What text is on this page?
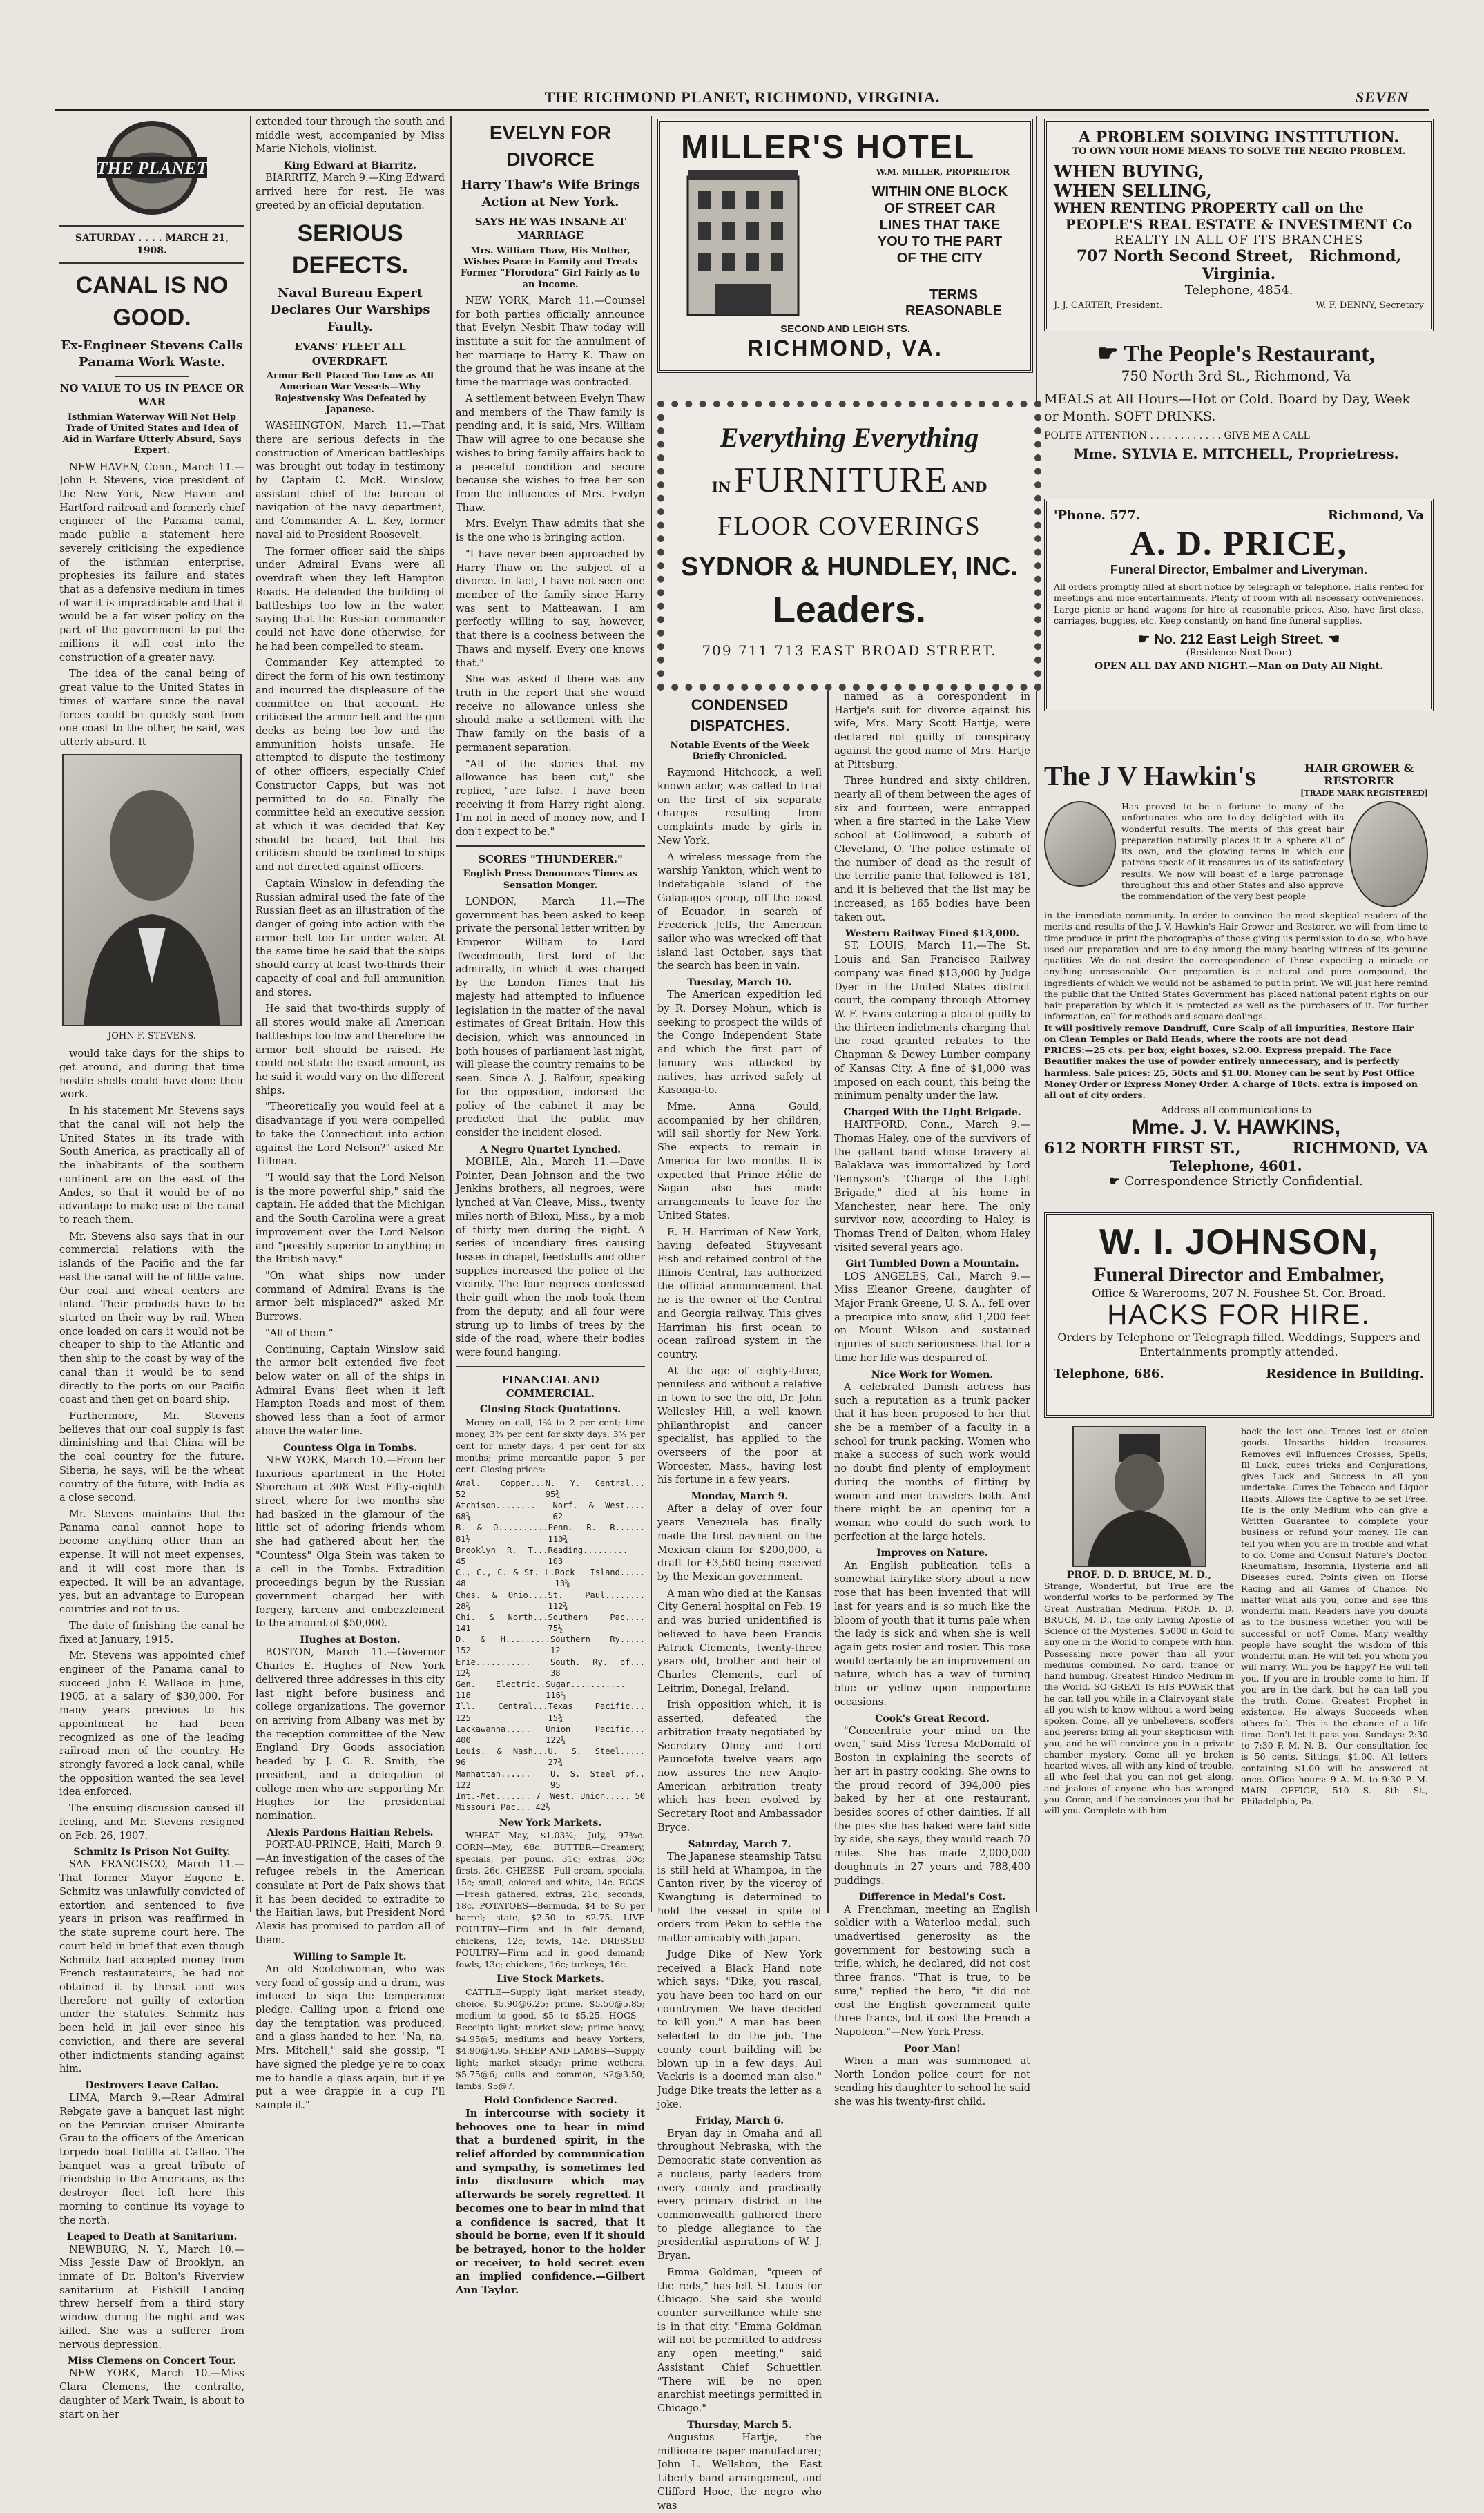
THE RICHMOND PLANET, RICHMOND, VIRGINIA.	SEVEN
THE PLANET
SATURDAY . . . . MARCH 21, 1908.
CANAL IS NO GOOD.
Ex-Engineer Stevens Calls Panama Work Waste.
NO VALUE TO US IN PEACE OR WAR
Isthmian Waterway Will Not Help Trade of United States and Idea of Aid in Warfare Utterly Absurd, Says Expert.

NEW HAVEN, Conn., March 11.—John F. Stevens, vice president of the New York, New Haven and Hartford railroad and formerly chief engineer of the Panama canal, made public a statement here severely criticising the expedience of the isthmian enterprise, prophesies its failure and states that as a defensive medium in times of war it is impracticable and that it would be a far wiser policy on the part of the government to put the millions it will cost into the construction of a greater navy.

The idea of the canal being of great value to the United States in times of warfare since the naval forces could be quickly sent from one coast to the other, he said, was utterly absurd. It

JOHN F. STEVENS.

would take days for the ships to get around, and during that time hostile shells could have done their work.

In his statement Mr. Stevens says that the canal will not help the United States in its trade with South America, as practically all of the inhabitants of the southern continent are on the east of the Andes, so that it would be of no advantage to make use of the canal to reach them.

Mr. Stevens also says that in our commercial relations with the islands of the Pacific and the far east the canal will be of little value. Our coal and wheat centers are inland. Their products have to be started on their way by rail. When once loaded on cars it would not be cheaper to ship to the Atlantic and then ship to the coast by way of the canal than it would be to send directly to the ports on our Pacific coast and then get on board ship.

Furthermore, Mr. Stevens believes that our coal supply is fast diminishing and that China will be the coal country for the future. Siberia, he says, will be the wheat country of the future, with India as a close second.

Mr. Stevens maintains that the Panama canal cannot hope to become anything other than an expense. It will not meet expenses, and it will cost more than is expected. It will be an advantage, yes, but an advantage to European countries and not to us.

The date of finishing the canal he fixed at January, 1915.

Mr. Stevens was appointed chief engineer of the Panama canal to succeed John F. Wallace in June, 1905, at a salary of $30,000. For many years previous to his appointment he had been recognized as one of the leading railroad men of the country. He strongly favored a lock canal, while the opposition wanted the sea level idea enforced.

The ensuing discussion caused ill feeling, and Mr. Stevens resigned on Feb. 26, 1907.

Schmitz Is Prison Not Guilty.

SAN FRANCISCO, March 11.—That former Mayor Eugene E. Schmitz was unlawfully convicted of extortion and sentenced to five years in prison was reaffirmed in the state supreme court here. The court held in brief that even though Schmitz had accepted money from French restaurateurs, he had not obtained it by threat and was therefore not guilty of extortion under the statutes. Schmitz has been held in jail ever since his conviction, and there are several other indictments standing against him.

Destroyers Leave Callao.

LIMA, March 9.—Rear Admiral Rebgate gave a banquet last night on the Peruvian cruiser Almirante Grau to the officers of the American torpedo boat flotilla at Callao. The banquet was a great tribute of friendship to the Americans, as the destroyer fleet left here this morning to continue its voyage to the north.

Leaped to Death at Sanitarium.

NEWBURG, N. Y., March 10.—Miss Jessie Daw of Brooklyn, an inmate of Dr. Bolton's Riverview sanitarium at Fishkill Landing threw herself from a third story window during the night and was killed. She was a sufferer from nervous depression.

Miss Clemens on Concert Tour.

NEW YORK, March 10.—Miss Clara Clemens, the contralto, daughter of Mark Twain, is about to start on her

extended tour through the south and middle west, accompanied by Miss Marie Nichols, violinist.

King Edward at Biarritz.

BIARRITZ, March 9.—King Edward arrived here for rest. He was greeted by an official deputation.

SERIOUS DEFECTS.
Naval Bureau Expert Declares Our Warships Faulty.
EVANS' FLEET ALL OVERDRAFT.
Armor Belt Placed Too Low as All American War Vessels—Why Rojestvensky Was Defeated by Japanese.

WASHINGTON, March 11.—That there are serious defects in the construction of American battleships was brought out today in testimony by Captain C. McR. Winslow, assistant chief of the bureau of navigation of the navy department, and Commander A. L. Key, former naval aid to President Roosevelt.

The former officer said the ships under Admiral Evans were all overdraft when they left Hampton Roads. He defended the building of battleships too low in the water, saying that the Russian commander could not have done otherwise, for he had been compelled to steam.

Commander Key attempted to direct the form of his own testimony and incurred the displeasure of the committee on that account. He criticised the armor belt and the gun decks as being too low and the ammunition hoists unsafe. He attempted to dispute the testimony of other officers, especially Chief Constructor Capps, but was not permitted to do so. Finally the committee held an executive session at which it was decided that Key should be heard, but that his criticism should be confined to ships and not directed against officers.

Captain Winslow in defending the Russian admiral used the fate of the Russian fleet as an illustration of the danger of going into action with the armor belt too far under water. At the same time he said that the ships should carry at least two-thirds their capacity of coal and full ammunition and stores.

He said that two-thirds supply of all stores would make all American battleships too low and therefore the armor belt should be raised. He could not state the exact amount, as he said it would vary on the different ships.

"Theoretically you would feel at a disadvantage if you were compelled to take the Connecticut into action against the Lord Nelson?" asked Mr. Tillman.

"I would say that the Lord Nelson is the more powerful ship," said the captain. He added that the Michigan and the South Carolina were a great improvement over the Lord Nelson and "possibly superior to anything in the British navy."

"On what ships now under command of Admiral Evans is the armor belt misplaced?" asked Mr. Burrows.

"All of them."

Continuing, Captain Winslow said the armor belt extended five feet below water on all of the ships in Admiral Evans' fleet when it left Hampton Roads and most of them showed less than a foot of armor above the water line.

Countess Olga in Tombs.

NEW YORK, March 10.—From her luxurious apartment in the Hotel Shoreham at 308 West Fifty-eighth street, where for two months she had basked in the glamour of the little set of adoring friends whom she had gathered about her, the "Countess" Olga Stein was taken to a cell in the Tombs. Extradition proceedings begun by the Russian government charged her with forgery, larceny and embezzlement to the amount of $50,000.

Hughes at Boston.

BOSTON, March 11.—Governor Charles E. Hughes of New York delivered three addresses in this city last night before business and college organizations. The governor on arriving from Albany was met by the reception committee of the New England Dry Goods association headed by J. C. R. Smith, the president, and a delegation of college men who are supporting Mr. Hughes for the presidential nomination.

Alexis Pardons Haitian Rebels.

PORT-AU-PRINCE, Haiti, March 9.—An investigation of the cases of the refugee rebels in the American consulate at Port de Paix shows that it has been decided to extradite to the Haitian laws, but President Nord Alexis has promised to pardon all of them.

Willing to Sample It.

An old Scotchwoman, who was very fond of gossip and a dram, was induced to sign the temperance pledge. Calling upon a friend one day the temptation was produced, and a glass handed to her. "Na, na, Mrs. Mitchell," said she gossip, "I have signed the pledge ye're to coax me to handle a glass again, but if ye put a wee drappie in a cup I'll sample it."

EVELYN FOR DIVORCE
Harry Thaw's Wife Brings Action at New York.
SAYS HE WAS INSANE AT MARRIAGE
Mrs. William Thaw, His Mother, Wishes Peace in Family and Treats Former "Florodora" Girl Fairly as to an Income.

NEW YORK, March 11.—Counsel for both parties officially announce that Evelyn Nesbit Thaw today will institute a suit for the annulment of her marriage to Harry K. Thaw on the ground that he was insane at the time the marriage was contracted.

A settlement between Evelyn Thaw and members of the Thaw family is pending and, it is said, Mrs. William Thaw will agree to one because she wishes to bring family affairs back to a peaceful condition and secure because she wishes to free her son from the influences of Mrs. Evelyn Thaw.

Mrs. Evelyn Thaw admits that she is the one who is bringing action.

"I have never been approached by Harry Thaw on the subject of a divorce. In fact, I have not seen one member of the family since Harry was sent to Matteawan. I am perfectly willing to say, however, that there is a coolness between the Thaws and myself. Every one knows that."

She was asked if there was any truth in the report that she would receive no allowance unless she should make a settlement with the Thaw family on the basis of a permanent separation.

"All of the stories that my allowance has been cut," she replied, "are false. I have been receiving it from Harry right along. I'm not in need of money now, and I don't expect to be."

SCORES "THUNDERER."
English Press Denounces Times as Sensation Monger.

LONDON, March 11.—The government has been asked to keep private the personal letter written by Emperor William to Lord Tweedmouth, first lord of the admiralty, in which it was charged by the London Times that his majesty had attempted to influence legislation in the matter of the naval estimates of Great Britain. How this decision, which was announced in both houses of parliament last night, will please the country remains to be seen. Since A. J. Balfour, speaking for the opposition, indorsed the policy of the cabinet it may be predicted that the public may consider the incident closed.

A Negro Quartet Lynched.

MOBILE, Ala., March 11.—Dave Pointer, Dean Johnson and the two Jenkins brothers, all negroes, were lynched at Van Cleave, Miss., twenty miles north of Biloxi, Miss., by a mob of thirty men during the night. A series of incendiary fires causing losses in chapel, feedstuffs and other supplies increased the police of the vicinity. The four negroes confessed their guilt when the mob took them from the deputy, and all four were strung up to limbs of trees by the side of the road, where their bodies were found hanging.

FINANCIAL AND COMMERCIAL.
Closing Stock Quotations.

Money on call, 1¾ to 2 per cent; time money, 3¾ per cent for sixty days, 3¾ per cent for ninety days, 4 per cent for six months; prime mercantile paper, 5 per cent. Closing prices:

Amal. Copper... 52
N. Y. Central... 95¾
Atchison........ 68¾
Norf. & West.... 62
B. & O.......... 81⅛
Penn. R. R...... 110¾
Brooklyn R. T... 45
Reading......... 103
C., C., C. & St. L. 48
Rock Island..... 13⅝
Ches. & Ohio.... 28¾
St. Paul........ 112¾
Chi. & North... 141
Southern Pac.... 75½
D. & H......... 152
Southern Ry..... 12
Erie........... 12½
South. Ry. pf... 38
Gen. Electric.. 118
Sugar........... 116⅝
Ill. Central... 125
Texas Pacific... 15¾
Lackawanna..... 400
Union Pacific... 122¼
Louis. & Nash... 96
U. S. Steel..... 27¾
Manhattan...... 122
U. S. Steel pf.. 95
Int.-Met....... 7 West. Union..... 50
Missouri Pac... 42½
New York Markets.

WHEAT—May, $1.03¾; July, 97¾c. CORN—May, 68c. BUTTER—Creamery, specials, per pound, 31c; extras, 30c; firsts, 26c. CHEESE—Full cream, specials, 15c; small, colored and white, 14c. EGGS—Fresh gathered, extras, 21c; seconds, 18c. POTATOES—Bermuda, $4 to $6 per barrel; state, $2.50 to $2.75. LIVE POULTRY—Firm and in fair demand; chickens, 12c; fowls, 14c. DRESSED POULTRY—Firm and in good demand; fowls, 13c; chickens, 16c; turkeys, 16c.

Live Stock Markets.

CATTLE—Supply light; market steady; choice, $5.90@6.25; prime, $5.50@5.85; medium to good, $5 to $5.25. HOGS—Receipts light; market slow; prime heavy, $4.95@5; mediums and heavy Yorkers, $4.90@4.95. SHEEP AND LAMBS—Supply light; market steady; prime wethers, $5.75@6; culls and common, $2@3.50; lambs, $5@7.

Hold Confidence Sacred.

In intercourse with society it behooves one to bear in mind that a burdened spirit, in the relief afforded by communication and sympathy, is sometimes led into disclosure which may afterwards be sorely regretted. It becomes one to bear in mind that a confidence is sacred, that it should be borne, even if it should be betrayed, honor to the holder or receiver, to hold secret even an implied confidence.—Gilbert Ann Taylor.

MILLER'S HOTEL
W.M. MILLER, PROPRIETOR
WITHIN ONE BLOCK OF STREET CAR LINES THAT TAKE YOU TO THE PART OF THE CITY
TERMS REASONABLE
SECOND AND LEIGH STS.
RICHMOND, VA.
Everything Everything
IN FURNITURE AND
FLOOR COVERINGS
SYDNOR & HUNDLEY, INC.
Leaders.
709 711 713 EAST BROAD STREET.
CONDENSED DISPATCHES.
Notable Events of the Week Briefly Chronicled.

Raymond Hitchcock, a well known actor, was called to trial on the first of six separate charges resulting from complaints made by girls in New York.

A wireless message from the warship Yankton, which went to Indefatigable island of the Galapagos group, off the coast of Ecuador, in search of Frederick Jeffs, the American sailor who was wrecked off that island last October, says that the search has been in vain.

Tuesday, March 10.

The American expedition led by R. Dorsey Mohun, which is seeking to prospect the wilds of the Congo Independent State and which the first part of January was attacked by natives, has arrived safely at Kasonga-to.

Mme. Anna Gould, accompanied by her children, will sail shortly for New York. She expects to remain in America for two months. It is expected that Prince Hélie de Sagan also has made arrangements to leave for the United States.

E. H. Harriman of New York, having defeated Stuyvesant Fish and retained control of the Illinois Central, has authorized the official announcement that he is the owner of the Central and Georgia railway. This gives Harriman his first ocean to ocean railroad system in the country.

At the age of eighty-three, penniless and without a relative in town to see the old, Dr. John Wellesley Hill, a well known philanthropist and cancer specialist, has applied to the overseers of the poor at Worcester, Mass., having lost his fortune in a few years.

Monday, March 9.

After a delay of over four years Venezuela has finally made the first payment on the Mexican claim for $200,000, a draft for £3,560 being received by the Mexican government.

A man who died at the Kansas City General hospital on Feb. 19 and was buried unidentified is believed to have been Francis Patrick Clements, twenty-three years old, brother and heir of Charles Clements, earl of Leitrim, Donegal, Ireland.

Irish opposition which, it is asserted, defeated the arbitration treaty negotiated by Secretary Olney and Lord Pauncefote twelve years ago now assures the new Anglo-American arbitration treaty which has been evolved by Secretary Root and Ambassador Bryce.

Saturday, March 7.

The Japanese steamship Tatsu is still held at Whampoa, in the Canton river, by the viceroy of Kwangtung is determined to hold the vessel in spite of orders from Pekin to settle the matter amicably with Japan.

Judge Dike of New York received a Black Hand note which says: "Dike, you rascal, you have been too hard on our countrymen. We have decided to kill you." A man has been selected to do the job. The county court building will be blown up in a few days. Aul Vackris is a doomed man also." Judge Dike treats the letter as a joke.

Friday, March 6.

Bryan day in Omaha and all throughout Nebraska, with the Democratic state convention as a nucleus, party leaders from every county and practically every primary district in the commonwealth gathered there to pledge allegiance to the presidential aspirations of W. J. Bryan.

Emma Goldman, "queen of the reds," has left St. Louis for Chicago. She said she would counter surveillance while she is in that city. "Emma Goldman will not be permitted to address any open meeting," said Assistant Chief Schuettler. "There will be no open anarchist meetings permitted in Chicago."

Thursday, March 5.

Augustus Hartje, the millionaire paper manufacturer; John L. Wellshon, the East Liberty band arrangement, and Clifford Hooe, the negro who was

named as a corespondent in Hartje's suit for divorce against his wife, Mrs. Mary Scott Hartje, were declared not guilty of conspiracy against the good name of Mrs. Hartje at Pittsburg.

Three hundred and sixty children, nearly all of them between the ages of six and fourteen, were entrapped when a fire started in the Lake View school at Collinwood, a suburb of Cleveland, O. The police estimate of the number of dead as the result of the terrific panic that followed is 181, and it is believed that the list may be increased, as 165 bodies have been taken out.

Western Railway Fined $13,000.

ST. LOUIS, March 11.—The St. Louis and San Francisco Railway company was fined $13,000 by Judge Dyer in the United States district court, the company through Attorney W. F. Evans entering a plea of guilty to the thirteen indictments charging that the road granted rebates to the Chapman & Dewey Lumber company of Kansas City. A fine of $1,000 was imposed on each count, this being the minimum penalty under the law.

Charged With the Light Brigade.

HARTFORD, Conn., March 9.—Thomas Haley, one of the survivors of the gallant band whose bravery at Balaklava was immortalized by Lord Tennyson's "Charge of the Light Brigade," died at his home in Manchester, near here. The only survivor now, according to Haley, is Thomas Trend of Dalton, whom Haley visited several years ago.

Girl Tumbled Down a Mountain.

LOS ANGELES, Cal., March 9.—Miss Eleanor Greene, daughter of Major Frank Greene, U. S. A., fell over a precipice into snow, slid 1,200 feet on Mount Wilson and sustained injuries of such seriousness that for a time her life was despaired of.

Nice Work for Women.

A celebrated Danish actress has such a reputation as a trunk packer that it has been proposed to her that she be a member of a faculty in a school for trunk packing. Women who make a success of such work would no doubt find plenty of employment during the months of flitting by women and men travelers both. And there might be an opening for a woman who could do such work to perfection at the large hotels.

Improves on Nature.

An English publication tells a somewhat fairylike story about a new rose that has been invented that will last for years and is so much like the bloom of youth that it turns pale when the lady is sick and when she is well again gets rosier and rosier. This rose would certainly be an improvement on nature, which has a way of turning blue or yellow upon inopportune occasions.

Cook's Great Record.

"Concentrate your mind on the oven," said Miss Teresa McDonald of Boston in explaining the secrets of her art in pastry cooking. She owns to the proud record of 394,000 pies baked by her at one restaurant, besides scores of other dainties. If all the pies she has baked were laid side by side, she says, they would reach 70 miles. She has made 2,000,000 doughnuts in 27 years and 788,400 puddings.

Difference in Medal's Cost.

A Frenchman, meeting an English soldier with a Waterloo medal, such unadvertised generosity as the government for bestowing such a trifle, which, he declared, did not cost three francs. "That is true, to be sure," replied the hero, "it did not cost the English government quite three francs, but it cost the French a Napoleon."—New York Press.

Poor Man!

When a man was summoned at North London police court for not sending his daughter to school he said she was his twenty-first child.

A PROBLEM SOLVING INSTITUTION.
TO OWN YOUR HOME MEANS TO SOLVE THE NEGRO PROBLEM.
WHEN BUYING,
WHEN SELLING,
WHEN RENTING PROPERTY call on the
PEOPLE'S REAL ESTATE & INVESTMENT Co
REALTY IN ALL OF ITS BRANCHES
707 North Second Street, Richmond, Virginia.
Telephone, 4854.
J. J. CARTER, President.	W. F. DENNY, Secretary
☛ The People's Restaurant,
750 North 3rd St., Richmond, Va
MEALS at All Hours—Hot or Cold. Board by Day, Week or Month. SOFT DRINKS.
POLITE ATTENTION . . . . . . . . . . . . GIVE ME A CALL
Mme. SYLVIA E. MITCHELL, Proprietress.
'Phone. 577.	Richmond, Va
A. D. PRICE,
Funeral Director, Embalmer and Liveryman.
All orders promptly filled at short notice by telegraph or telephone. Halls rented for meetings and nice entertainments. Plenty of room with all necessary conveniences. Large picnic or hand wagons for hire at reasonable prices. Also, have first-class, carriages, buggies, etc. Keep constantly on hand fine funeral supplies.
☛ No. 212 East Leigh Street. ☚
(Residence Next Door.)
OPEN ALL DAY AND NIGHT.—Man on Duty All Night.
The J V Hawkin's	HAIR GROWER & RESTORER
[TRADE MARK REGISTERED]
Has proved to be a fortune to many of the unfortunates who are to-day delighted with its wonderful results. The merits of this great hair preparation naturally places it in a sphere all of its own, and the glowing terms in which our patrons speak of it reassures us of its satisfactory results. We now will boast of a large patronage throughout this and other States and also approve the commendation of the very best people
in the immediate community. In order to convince the most skeptical readers of the merits and results of the J. V. Hawkin's Hair Grower and Restorer, we will from time to time produce in print the photographs of those giving us permission to do so, who have used our preparation and are to-day among the many bearing witness of its genuine qualities. We do not desire the correspondence of those expecting a miracle or anything unreasonable. Our preparation is a natural and pure compound, the ingredients of which we would not be ashamed to put in print. We will just here remind the public that the United States Government has placed national patent rights on our hair preparation by which it is protected as well as the purchasers of it. For further information, call for methods and square dealings.
It will positively remove Dandruff, Cure Scalp of all impurities, Restore Hair on Clean Temples or Bald Heads, where the roots are not dead
PRICES:—25 cts. per box; eight boxes, $2.00. Express prepaid. The Face Beautifier makes the use of powder entirely unnecessary, and is perfectly harmless. Sale prices: 25, 50cts and $1.00. Money can be sent by Post Office Money Order or Express Money Order. A charge of 10cts. extra is imposed on all out of city orders.
Address all communications to
Mme. J. V. HAWKINS,
612 NORTH FIRST ST.,	RICHMOND, VA
Telephone, 4601.
☛ Correspondence Strictly Confidential.
W. I. JOHNSON,
Funeral Director and Embalmer,
Office & Warerooms, 207 N. Foushee St. Cor. Broad.
HACKS FOR HIRE.
Orders by Telephone or Telegraph filled. Weddings, Suppers and Entertainments promptly attended.
Telephone, 686.	Residence in Building.
PROF. D. D. BRUCE, M. D.,
Strange, Wonderful, but True are the wonderful works to be performed by The Great Australian Medium. PROF. D. D. BRUCE, M. D., the only Living Apostle of Science of the Mysteries. $5000 in Gold to any one in the World to compete with him. Possessing more power than all your mediums combined. No card, trance or hand humbug. Greatest Hindoo Medium in the World. SO GREAT IS HIS POWER that he can tell you while in a Clairvoyant state all you wish to know without a word being spoken. Come, all ye unbelievers, scoffers and jeerers; bring all your skepticism with you, and he will convince you in a private chamber mystery. Come all ye broken hearted wives, all with any kind of trouble, all who feel that you can not get along, and jealous of anyone who has wronged you. Come, and if he convinces you that he will you. Complete with him.
back the lost one. Traces lost or stolen goods. Unearths hidden treasures. Removes evil influences Crosses, Spells, Ill Luck, cures tricks and Conjurations, gives Luck and Success in all you undertake. Cures the Tobacco and Liquor Habits. Allows the Captive to be set Free. He is the only Medium who can give a Written Guarantee to complete your business or refund your money. He can tell you when you are in trouble and what to do. Come and Consult Nature's Doctor. Rheumatism, Insomnia, Hysteria and all Diseases cured. Points given on Horse Racing and all Games of Chance. No matter what ails you, come and see this wonderful man. Readers have you doubts as to the business whether you will be successful or not? Come. Many wealthy people have sought the wisdom of this wonderful man. He will tell you whom you will marry. Will you be happy? He will tell you. If you are in trouble come to him. If you are in the dark, but he can tell you the truth. Come. Greatest Prophet in existence. He always Succeeds when others fail. This is the chance of a life time. Don't let it pass you. Sundays: 2:30 to 7:30 P. M. N. B.—Our consultation fee is 50 cents. Sittings, $1.00. All letters containing $1.00 will be answered at once. Office hours: 9 A. M. to 9:30 P. M. MAIN OFFICE, 510 S. 8th St., Philadelphia, Pa.
